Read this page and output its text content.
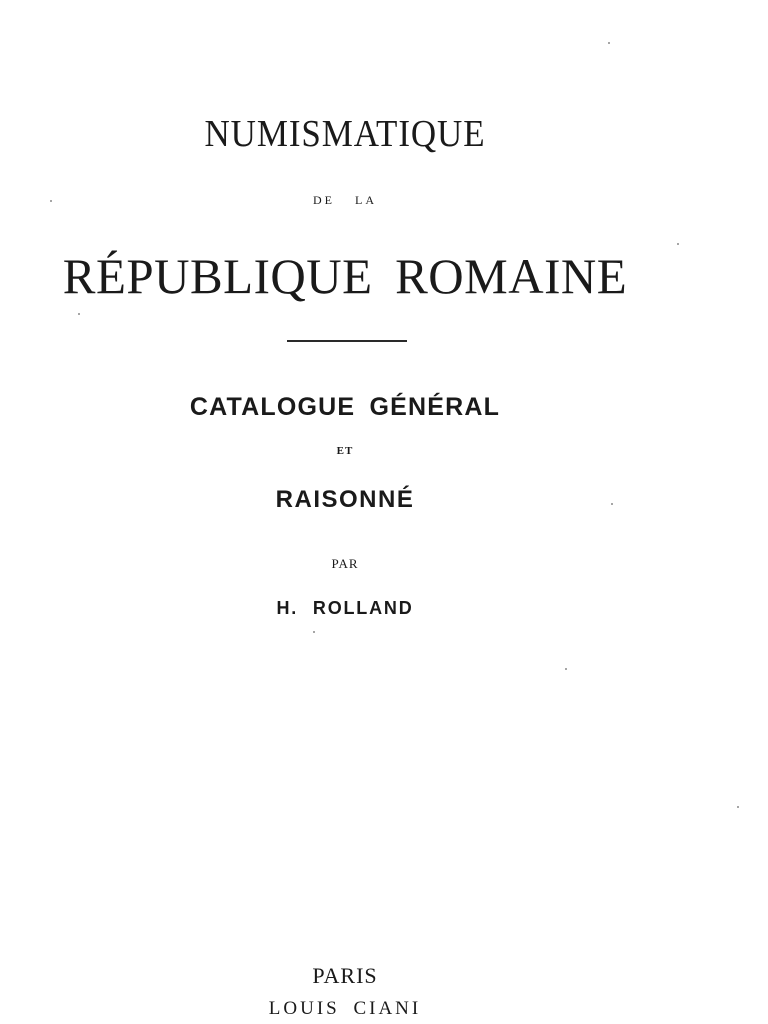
NUMISMATIQUE
DE LA
RÉPUBLIQUE ROMAINE
CATALOGUE GÉNÉRAL
ET
RAISONNÉ
PAR
H. ROLLAND
PARIS
LOUIS CIANI
